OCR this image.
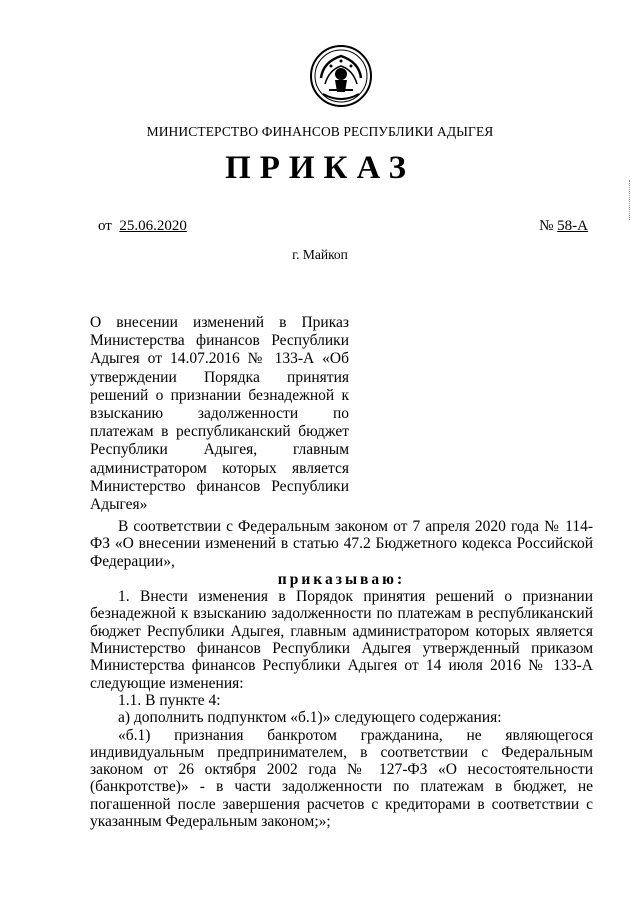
МИНИСТЕРСТВО ФИНАНСОВ РЕСПУБЛИКИ АДЫГЕЯ
ПРИКАЗ
от 25.06.2020	№ 58-А
г. Майкоп
О внесении изменений в Приказ Министерства финансов Республики Адыгея от 14.07.2016 № 133-А «Об утверждении Порядка принятия решений о признании безнадежной к взысканию задолженности по платежам в республиканский бюджет Республики Адыгея, главным администратором которых является Министерство финансов Республики Адыгея»

В соответствии с Федеральным законом от 7 апреля 2020 года № 114-ФЗ «О внесении изменений в статью 47.2 Бюджетного кодекса Российской Федерации»,

приказываю:

1. Внести изменения в Порядок принятия решений о признании безнадежной к взысканию задолженности по платежам в республиканский бюджет Республики Адыгея, главным администратором которых является Министерство финансов Республики Адыгея утвержденный приказом Министерства финансов Республики Адыгея от 14 июля 2016 № 133-А следующие изменения:

1.1. В пункте 4:

а) дополнить подпунктом «б.1)» следующего содержания:

«б.1) признания банкротом гражданина, не являющегося индивидуальным предпринимателем, в соответствии с Федеральным законом от 26 октября 2002 года № 127-ФЗ «О несостоятельности (банкротстве)» - в части задолженности по платежам в бюджет, не погашенной после завершения расчетов с кредиторами в соответствии с указанным Федеральным законом;»;
